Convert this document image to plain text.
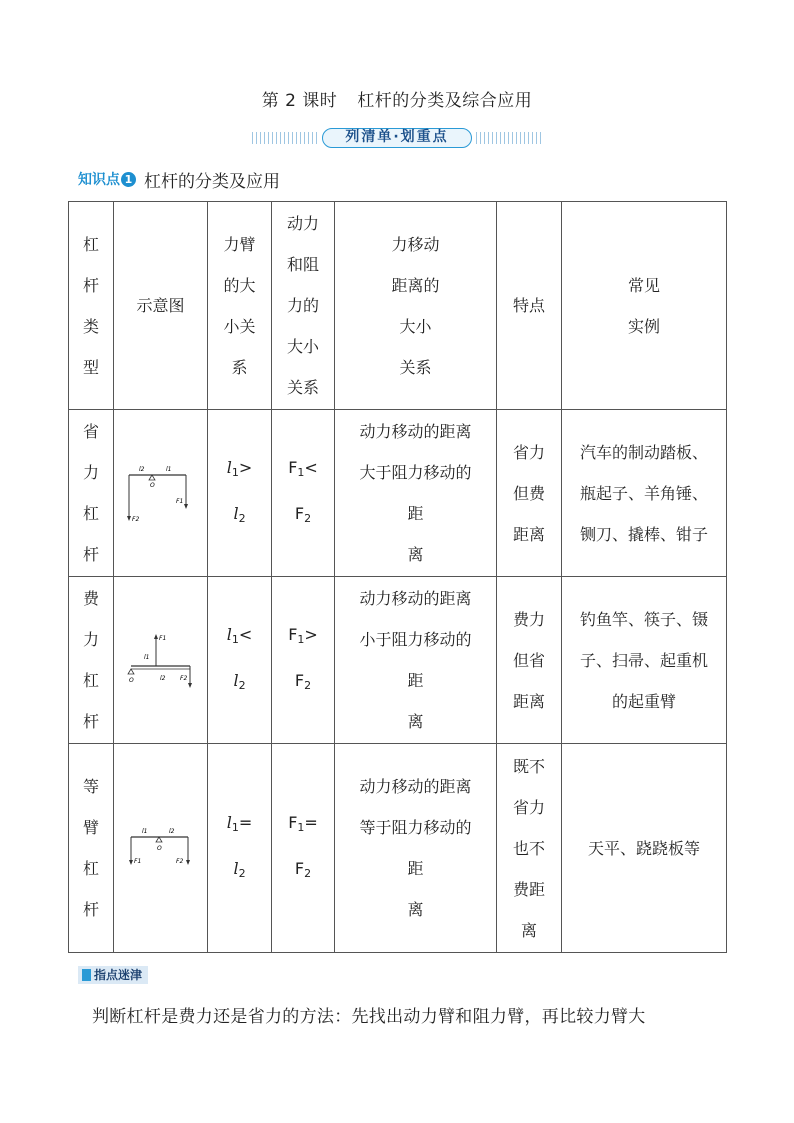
第 2 课时 杠杆的分类及综合应用
列清单·划重点
知识点 1 杠杆的分类及应用
杠
杆
类
型	示意图	力臂
的大
小关
系	动力
和阻
力的
大小
关系	力移动
距离的
大小
关系	特点	常见
实例

省
力
杠
杆	l2 l1
O
F1
F2	$l_1>$
$l_2$	$F_1<$
$F_2$	动力移动的距离
大于阻力移动的
距
离	省力
但费
距离	汽车的制动踏板、
瓶起子、羊角锤、
铡刀、撬棒、钳子

费
力
杠
杆	F1
l1
l2
O F2	$l_1<$
$l_2$	$F_1>$
$F_2$	动力移动的距离
小于阻力移动的
距
离	费力
但省
距离	钓鱼竿、筷子、镊
子、扫帚、起重机
的起重臂

等
臂
杠
杆	l1 l2
O
F1 F2	$l_1=$
$l_2$	$F_1=$
$F_2$	动力移动的距离
等于阻力移动的
距
离	既不
省力
也不
费距
离	天平、跷跷板等
指点迷津
判断杠杆是费力还是省力的方法：先找出动力臂和阻力臂，再比较力臂大
